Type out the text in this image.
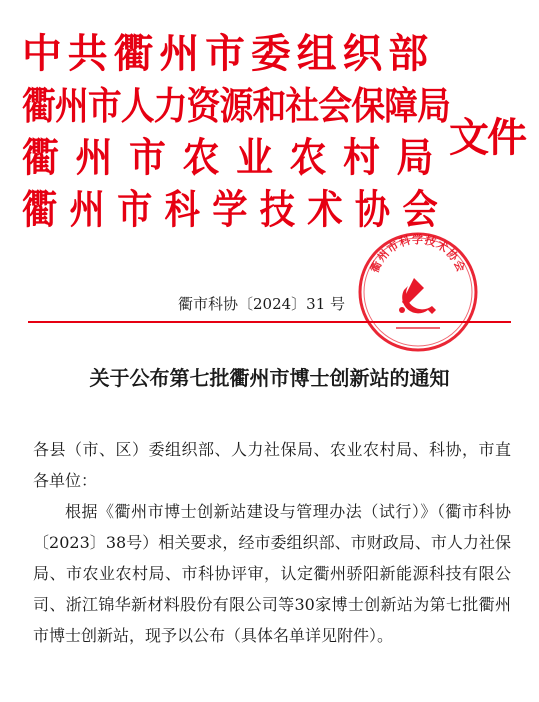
中共衢州市委组织部
衢州市人力资源和社会保障局
衢州市农业农村局
衢州市科学技术协会
文件
衢市科协〔2024〕31 号
衢州市科学技术协会
关于公布第七批衢州市博士创新站的通知

各县（市、区）委组织部、人力社保局、农业农村局、科协，市直各单位：

根据《衢州市博士创新站建设与管理办法（试行）》（衢市科协〔2023〕38号）相关要求，经市委组织部、市财政局、市人力社保局、市农业农村局、市科协评审，认定衢州骄阳新能源科技有限公司、浙江锦华新材料股份有限公司等30家博士创新站为第七批衢州市博士创新站，现予以公布（具体名单详见附件）。
